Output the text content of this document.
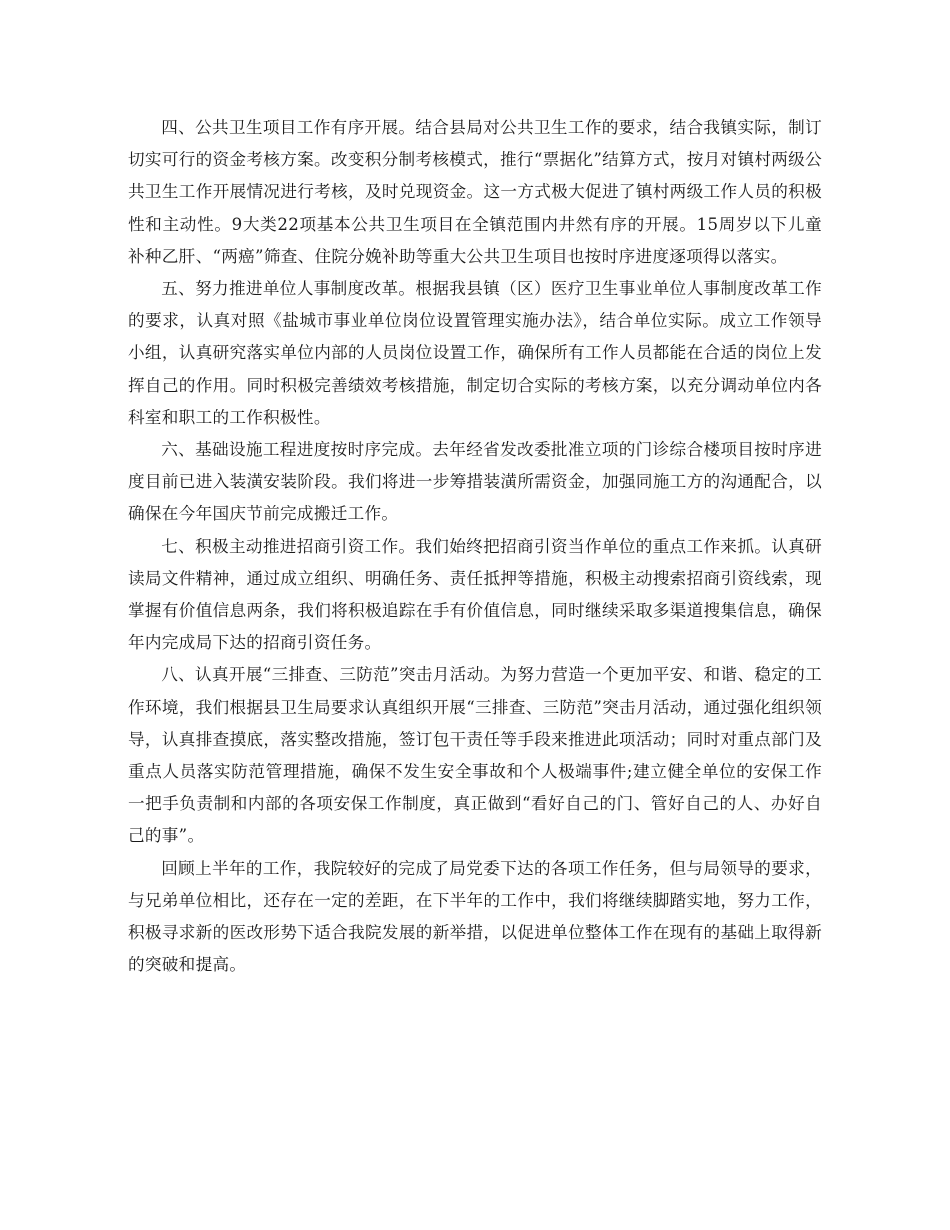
四、公共卫生项目工作有序开展。结合县局对公共卫生工作的要求，结合我镇实际，制订切实可行的资金考核方案。改变积分制考核模式，推行“票据化”结算方式，按月对镇村两级公共卫生工作开展情况进行考核，及时兑现资金。这一方式极大促进了镇村两级工作人员的积极性和主动性。9大类22项基本公共卫生项目在全镇范围内井然有序的开展。15周岁以下儿童补种乙肝、“两癌”筛查、住院分娩补助等重大公共卫生项目也按时序进度逐项得以落实。

五、努力推进单位人事制度改革。根据我县镇（区）医疗卫生事业单位人事制度改革工作的要求，认真对照《盐城市事业单位岗位设置管理实施办法》，结合单位实际。成立工作领导小组，认真研究落实单位内部的人员岗位设置工作，确保所有工作人员都能在合适的岗位上发挥自己的作用。同时积极完善绩效考核措施，制定切合实际的考核方案，以充分调动单位内各科室和职工的工作积极性。

六、基础设施工程进度按时序完成。去年经省发改委批准立项的门诊综合楼项目按时序进度目前已进入装潢安装阶段。我们将进一步筹措装潢所需资金，加强同施工方的沟通配合，以确保在今年国庆节前完成搬迁工作。

七、积极主动推进招商引资工作。我们始终把招商引资当作单位的重点工作来抓。认真研读局文件精神，通过成立组织、明确任务、责任抵押等措施，积极主动搜索招商引资线索，现掌握有价值信息两条，我们将积极追踪在手有价值信息，同时继续采取多渠道搜集信息，确保年内完成局下达的招商引资任务。

八、认真开展“三排查、三防范”突击月活动。为努力营造一个更加平安、和谐、稳定的工作环境，我们根据县卫生局要求认真组织开展“三排查、三防范”突击月活动，通过强化组织领导，认真排查摸底，落实整改措施，签订包干责任等手段来推进此项活动；同时对重点部门及重点人员落实防范管理措施，确保不发生安全事故和个人极端事件;建立健全单位的安保工作一把手负责制和内部的各项安保工作制度，真正做到“看好自己的门、管好自己的人、办好自己的事”。

回顾上半年的工作，我院较好的完成了局党委下达的各项工作任务，但与局领导的要求，与兄弟单位相比，还存在一定的差距，在下半年的工作中，我们将继续脚踏实地，努力工作，积极寻求新的医改形势下适合我院发展的新举措，以促进单位整体工作在现有的基础上取得新的突破和提高。
